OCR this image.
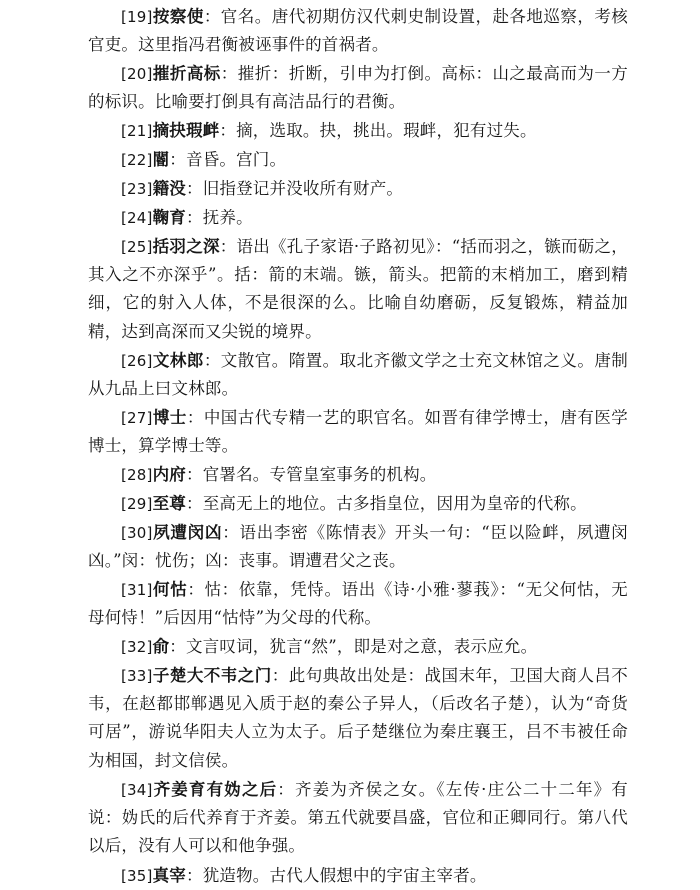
[19]按察使：官名。唐代初期仿汉代刺史制设置，赴各地巡察，考核官吏。这里指冯君衡被诬事件的首祸者。

[20]摧折高标：摧折：折断，引申为打倒。高标：山之最高而为一方的标识。比喻要打倒具有高洁品行的君衡。

[21]摘抉瑕衅：摘，选取。抉，挑出。瑕衅，犯有过失。

[22]閽：音昏。宫门。

[23]籍没：旧指登记并没收所有财产。

[24]鞠育：抚养。

[25]括羽之深：语出《孔子家语·子路初见》：“括而羽之，镞而砺之，其入之不亦深乎”。括：箭的末端。镞，箭头。把箭的末梢加工，磨到精细，它的射入人体，不是很深的么。比喻自幼磨砺，反复锻炼，精益加精，达到高深而又尖锐的境界。

[26]文林郎：文散官。隋置。取北齐徽文学之士充文林馆之义。唐制从九品上曰文林郎。

[27]博士：中国古代专精一艺的职官名。如晋有律学博士，唐有医学博士，算学博士等。

[28]内府：官署名。专管皇室事务的机构。

[29]至尊：至高无上的地位。古多指皇位，因用为皇帝的代称。

[30]夙遭闵凶：语出李密《陈情表》开头一句：“臣以险衅，夙遭闵凶。”闵：忧伤；凶：丧事。谓遭君父之丧。

[31]何怙：怙：依靠，凭恃。语出《诗·小雅·蓼莪》：“无父何怙，无母何恃！”后因用“怙恃”为父母的代称。

[32]俞：文言叹词，犹言“然”，即是对之意，表示应允。

[33]子楚大不韦之门：此句典故出处是：战国末年，卫国大商人吕不韦，在赵都邯郸遇见入质于赵的秦公子异人，（后改名子楚），认为“奇货可居”，游说华阳夫人立为太子。后子楚继位为秦庄襄王，吕不韦被任命为相国，封文信侯。

[34]齐姜育有妫之后：齐姜为齐侯之女。《左传·庄公二十二年》有说：妫氏的后代养育于齐姜。第五代就要昌盛，官位和正卿同行。第八代以后，没有人可以和他争强。

[35]真宰：犹造物。古代人假想中的宇宙主宰者。
